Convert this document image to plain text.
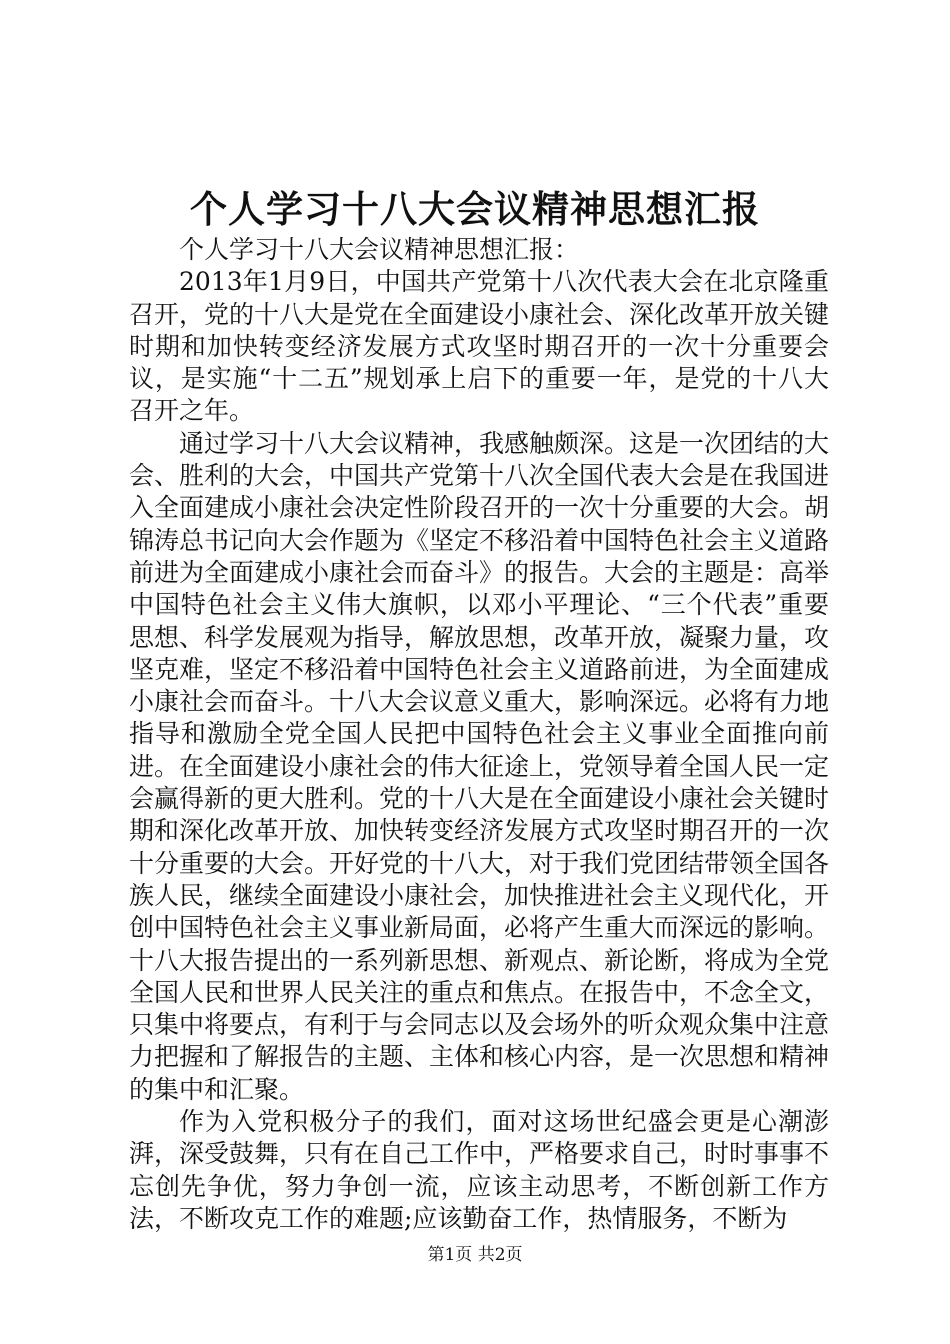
个人学习十八大会议精神思想汇报

个人学习十八大会议精神思想汇报：

2013年1月9日，中国共产党第十八次代表大会在北京隆重召开，党的十八大是党在全面建设小康社会、深化改革开放关键时期和加快转变经济发展方式攻坚时期召开的一次十分重要会议，是实施“十二五”规划承上启下的重要一年，是党的十八大召开之年。

通过学习十八大会议精神，我感触颇深。这是一次团结的大会、胜利的大会，中国共产党第十八次全国代表大会是在我国进入全面建成小康社会决定性阶段召开的一次十分重要的大会。胡锦涛总书记向大会作题为《坚定不移沿着中国特色社会主义道路前进为全面建成小康社会而奋斗》的报告。大会的主题是：高举中国特色社会主义伟大旗帜，以邓小平理论、“三个代表”重要思想、科学发展观为指导，解放思想，改革开放，凝聚力量，攻坚克难，坚定不移沿着中国特色社会主义道路前进，为全面建成小康社会而奋斗。十八大会议意义重大，影响深远。必将有力地指导和激励全党全国人民把中国特色社会主义事业全面推向前进。在全面建设小康社会的伟大征途上，党领导着全国人民一定会赢得新的更大胜利。党的十八大是在全面建设小康社会关键时期和深化改革开放、加快转变经济发展方式攻坚时期召开的一次十分重要的大会。开好党的十八大，对于我们党团结带领全国各族人民，继续全面建设小康社会，加快推进社会主义现代化，开创中国特色社会主义事业新局面，必将产生重大而深远的影响。十八大报告提出的一系列新思想、新观点、新论断，将成为全党全国人民和世界人民关注的重点和焦点。在报告中，不念全文，只集中将要点，有利于与会同志以及会场外的听众观众集中注意力把握和了解报告的主题、主体和核心内容，是一次思想和精神的集中和汇聚。

作为入党积极分子的我们，面对这场世纪盛会更是心潮澎湃，深受鼓舞，只有在自己工作中，严格要求自己，时时事事不忘创先争优，努力争创一流，应该主动思考，不断创新工作方法，不断攻克工作的难题;应该勤奋工作，热情服务，不断为

第1页 共2页
